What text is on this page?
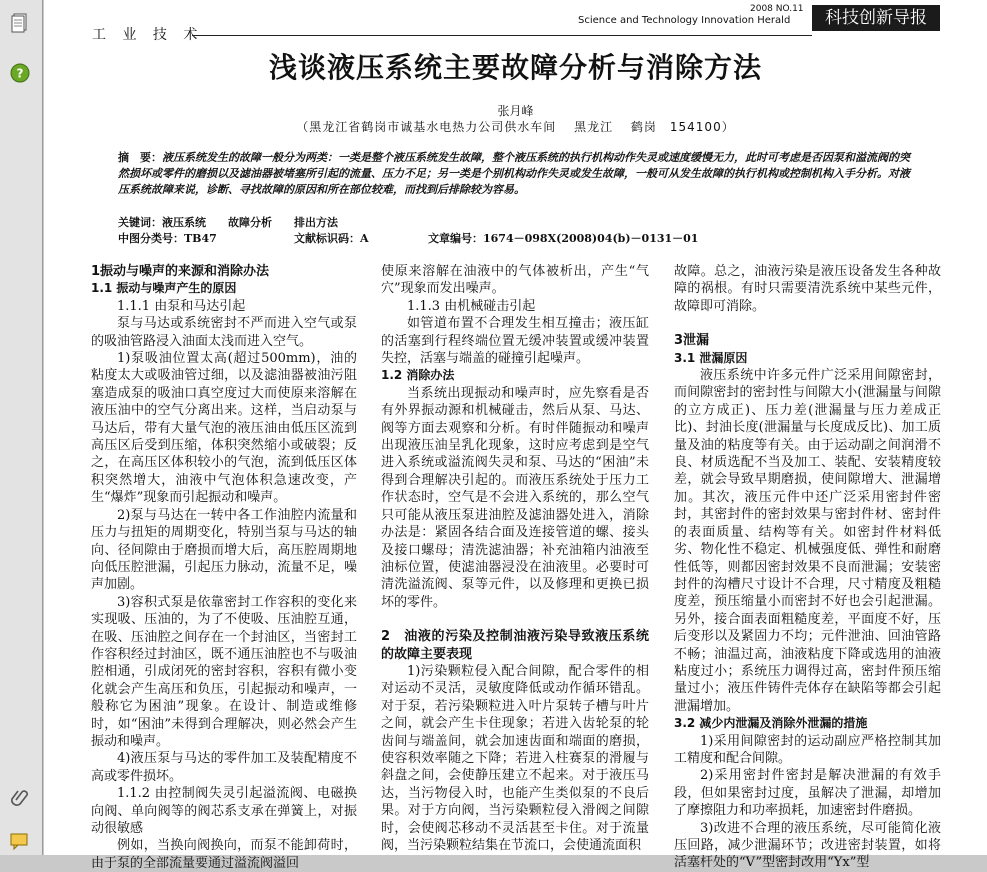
?
工 业 技 术
2008 NO.11
Science and Technology Innovation Herald	科技创新导报
浅谈液压系统主要故障分析与消除方法
张月峰
（黑龙江省鹤岗市诚基水电热力公司供水车间　 黑龙江　 鹤岗　154100）
摘　要：液压系统发生的故障一般分为两类：一类是整个液压系统发生故障，整个液压系统的执行机构动作失灵或速度缓慢无力，此时可考虑是否因泵和溢流阀的突然损坏或零件的磨损以及滤油器被堵塞所引起的流量、压力不足；另一类是个别机构动作失灵或发生故障，一般可从发生故障的执行机构或控制机构入手分析。对液压系统故障来说，诊断、寻找故障的原因和所在部位较难，而找到后排除较为容易。
关键词：液压系统　　故障分析　　排出方法
中图分类号：TB47	文献标识码：A	文章编号：1674－098X(2008)04(b)－0131－01

1振动与噪声的来源和消除办法

1.1 振动与噪声产生的原因

1.1.1 由泵和马达引起

泵与马达或系统密封不严而进入空气或泵的吸油管路浸入油面太浅而进入空气。

1)泵吸油位置太高(超过500mm)，油的粘度太大或吸油管过细，以及滤油器被油污阻塞造成泵的吸油口真空度过大而使原来溶解在液压油中的空气分离出来。这样，当启动泵与马达后，带有大量气泡的液压油由低压区流到高压区后受到压缩，体积突然缩小或破裂；反之，在高压区体积较小的气泡，流到低压区体积突然增大，油液中气泡体积急速改变，产生“爆炸”现象而引起振动和噪声。

2)泵与马达在一转中各工作油腔内流量和压力与扭矩的周期变化，特别当泵与马达的轴向、径间隙由于磨损而增大后，高压腔周期地向低压腔泄漏，引起压力脉动，流量不足，噪声加剧。

3)容积式泵是依靠密封工作容积的变化来实现吸、压油的，为了不使吸、压油腔互通，在吸、压油腔之间存在一个封油区，当密封工作容积经过封油区，既不通压油腔也不与吸油腔相通，引成闭死的密封容积，容积有微小变化就会产生高压和负压，引起振动和噪声，一般称它为困油”现象。在设计、制造或维修时，如“困油”未得到合理解决，则必然会产生振动和噪声。

4)液压泵与马达的零件加工及装配精度不高或零件损坏。

1.1.2 由控制阀失灵引起溢流阀、电磁换向阀、单向阀等的阀芯系支承在弹簧上，对振动很敏感

例如，当换向阀换向，而泵不能卸荷时，由于泵的全部流量要通过溢流阀溢回

使原来溶解在油液中的气体被析出，产生“气穴”现象而发出噪声。

1.1.3 由机械碰击引起

如管道布置不合理发生相互撞击；液压缸的活塞到行程终端位置无缓冲装置或缓冲装置失控，活塞与端盖的碰撞引起噪声。

1.2 消除办法

当系统出现振动和噪声时，应先察看是否有外界振动源和机械碰击，然后从泵、马达、阀等方面去观察和分析。有时伴随振动和噪声出现液压油呈乳化现象，这时应考虑到是空气进入系统或溢流阀失灵和泵、马达的“困油”未得到合理解决引起的。而液压系统处于压力工作状态时，空气是不会进入系统的，那么空气只可能从液压泵进油腔及滤油器处进入，消除办法是：紧固各结合面及连接管道的螺、接头及接口螺母；清洗滤油器；补充油箱内油液至油标位置，使滤油器浸没在油液里。必要时可清洗溢流阀、泵等元件，以及修理和更换已损坏的零件。

2　油液的污染及控制油液污染导致液压系统的故障主要表现

1)污染颗粒侵入配合间隙，配合零件的相对运动不灵活，灵敏度降低或动作循环错乱。对于泵，若污染颗粒进入叶片泵转子槽与叶片之间，就会产生卡住现象；若进入齿轮泵的轮齿间与端盖间，就会加速齿面和端面的磨损，使容积效率随之下降；若进入柱赛泵的滑履与斜盘之间，会使静压建立不起来。对于液压马达，当污物侵入时，也能产生类似泵的不良后果。对于方向阀，当污染颗粒侵入滑阀之间隙时，会使阀芯移动不灵活甚至卡住。对于流量阀，当污染颗粒结集在节流口，会使通流面积

故障。总之，油液污染是液压设备发生各种故障的祸根。有时只需要清洗系统中某些元件，故障即可消除。

3泄漏

3.1 泄漏原因

液压系统中许多元件广泛采用间隙密封，而间隙密封的密封性与间隙大小(泄漏量与间隙的立方成正)、压力差(泄漏量与压力差成正比)、封油长度(泄漏量与长度成反比)、加工质量及油的粘度等有关。由于运动副之间润滑不良、材质选配不当及加工、装配、安装精度较差，就会导致早期磨损，使间隙增大、泄漏增加。其次，液压元件中还广泛采用密封件密封，其密封件的密封效果与密封件材、密封件的表面质量、结构等有关。如密封件材料低劣、物化性不稳定、机械强度低、弹性和耐磨性低等，则都因密封效果不良而泄漏；安装密封件的沟槽尺寸设计不合理，尺寸精度及粗糙度差，预压缩量小而密封不好也会引起泄漏。另外，接合面表面粗糙度差，平面度不好，压后变形以及紧固力不均；元件泄油、回油管路不畅；油温过高，油液粘度下降或选用的油液粘度过小；系统压力调得过高，密封件预压缩量过小；液压件铸件壳体存在缺陷等都会引起泄漏增加。

3.2 减少内泄漏及消除外泄漏的措施

1)采用间隙密封的运动副应严格控制其加工精度和配合间隙。

2)采用密封件密封是解决泄漏的有效手段，但如果密封过度，虽解决了泄漏，却增加了摩擦阻力和功率损耗，加速密封件磨损。

3)改进不合理的液压系统，尽可能简化液压回路，减少泄漏环节；改进密封装置，如将活塞杆处的“V”型密封改用“Yx”型
